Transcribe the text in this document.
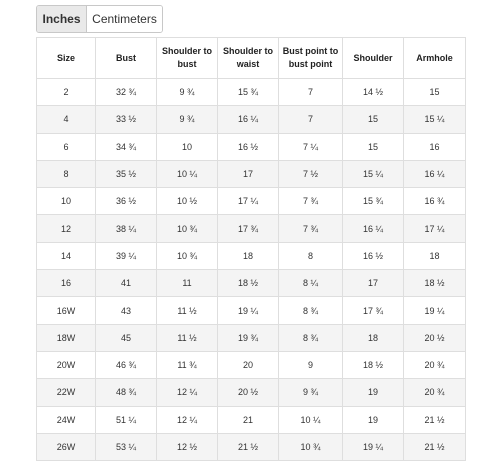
Inches Centimeters
Size	Bust	Shoulder to bust	Shoulder to waist	Bust point to bust point	Shoulder	Armhole
2	32 ¾	9 ¾	15 ¾	7	14 ½	15
4	33 ½	9 ¾	16 ¼	7	15	15 ¼
6	34 ¾	10	16 ½	7 ¼	15	16
8	35 ½	10 ¼	17	7 ½	15 ¼	16 ¼
10	36 ½	10 ½	17 ¼	7 ¾	15 ¾	16 ¾
12	38 ¼	10 ¾	17 ¾	7 ¾	16 ¼	17 ¼
14	39 ¼	10 ¾	18	8	16 ½	18
16	41	11	18 ½	8 ¼	17	18 ½
16W	43	11 ½	19 ¼	8 ¾	17 ¾	19 ¼
18W	45	11 ½	19 ¾	8 ¾	18	20 ½
20W	46 ¾	11 ¾	20	9	18 ½	20 ¾
22W	48 ¾	12 ¼	20 ½	9 ¾	19	20 ¾
24W	51 ¼	12 ¼	21	10 ¼	19	21 ½
26W	53 ¼	12 ½	21 ½	10 ¾	19 ¼	21 ½
